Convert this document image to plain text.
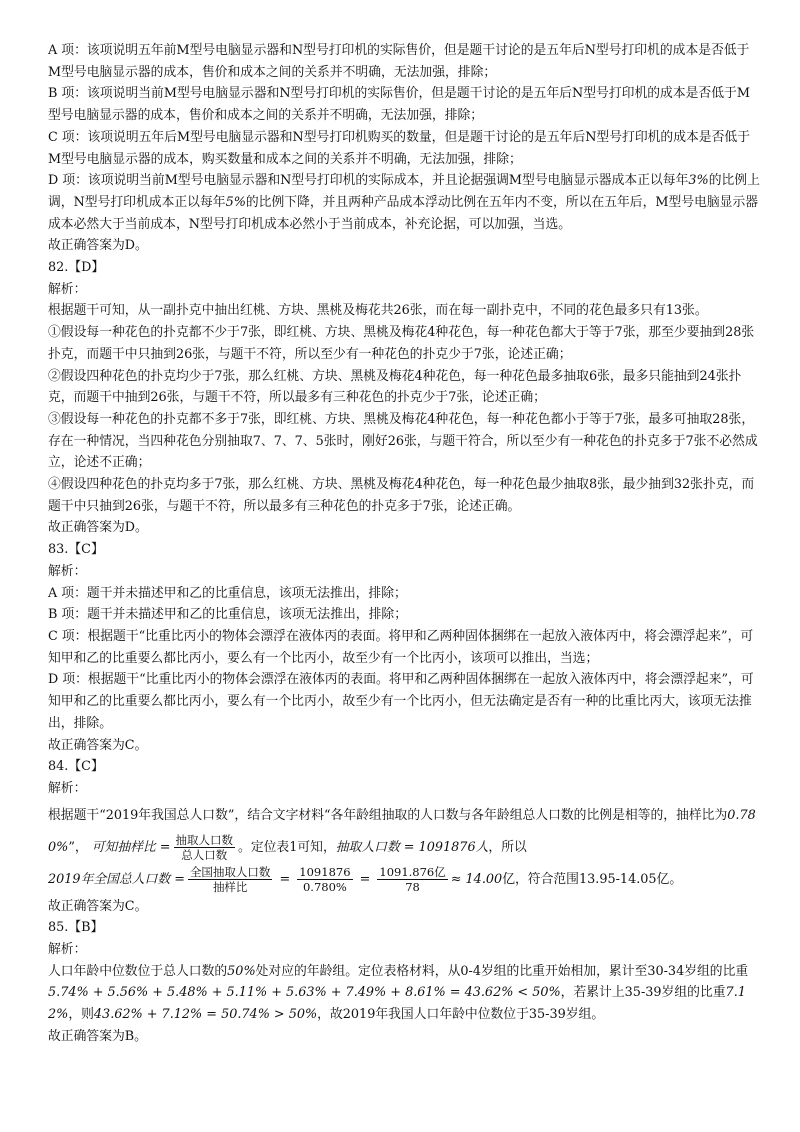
A 项：该项说明五年前M型号电脑显示器和N型号打印机的实际售价，但是题干讨论的是五年后N型号打印机的成本是否低于M型号电脑显示器的成本，售价和成本之间的关系并不明确，无法加强，排除；

B 项：该项说明当前M型号电脑显示器和N型号打印机的实际售价，但是题干讨论的是五年后N型号打印机的成本是否低于M型号电脑显示器的成本，售价和成本之间的关系并不明确，无法加强，排除；

C 项：该项说明五年后M型号电脑显示器和N型号打印机购买的数量，但是题干讨论的是五年后N型号打印机的成本是否低于M型号电脑显示器的成本，购买数量和成本之间的关系并不明确，无法加强，排除；

D 项：该项说明当前M型号电脑显示器和N型号打印机的实际成本，并且论据强调M型号电脑显示器成本正以每年3%的比例上调，N型号打印机成本正以每年5%的比例下降，并且两种产品成本浮动比例在五年内不变，所以在五年后，M型号电脑显示器成本必然大于当前成本，N型号打印机成本必然小于当前成本，补充论据，可以加强，当选。

故正确答案为D。

82.【D】

解析：

根据题干可知，从一副扑克中抽出红桃、方块、黑桃及梅花共26张，而在每一副扑克中，不同的花色最多只有13张。

①假设每一种花色的扑克都不少于7张，即红桃、方块、黑桃及梅花4种花色，每一种花色都大于等于7张，那至少要抽到28张扑克，而题干中只抽到26张，与题干不符，所以至少有一种花色的扑克少于7张，论述正确；

②假设四种花色的扑克均少于7张，那么红桃、方块、黑桃及梅花4种花色，每一种花色最多抽取6张，最多只能抽到24张扑克，而题干中抽到26张，与题干不符，所以最多有三种花色的扑克少于7张，论述正确；

③假设每一种花色的扑克都不多于7张，即红桃、方块、黑桃及梅花4种花色，每一种花色都小于等于7张，最多可抽取28张，存在一种情况，当四种花色分别抽取7、7、7、5张时，刚好26张，与题干符合，所以至少有一种花色的扑克多于7张不必然成立，论述不正确；

④假设四种花色的扑克均多于7张，那么红桃、方块、黑桃及梅花4种花色，每一种花色最少抽取8张，最少抽到32张扑克，而题干中只抽到26张，与题干不符，所以最多有三种花色的扑克多于7张，论述正确。

故正确答案为D。

83.【C】

解析：

A 项：题干并未描述甲和乙的比重信息，该项无法推出，排除；

B 项：题干并未描述甲和乙的比重信息，该项无法推出，排除；

C 项：根据题干“比重比丙小的物体会漂浮在液体丙的表面。将甲和乙两种固体捆绑在一起放入液体丙中，将会漂浮起来”，可知甲和乙的比重要么都比丙小，要么有一个比丙小，故至少有一个比丙小，该项可以推出，当选；

D 项：根据题干“比重比丙小的物体会漂浮在液体丙的表面。将甲和乙两种固体捆绑在一起放入液体丙中，将会漂浮起来”，可知甲和乙的比重要么都比丙小，要么有一个比丙小，故至少有一个比丙小，但无法确定是否有一种的比重比丙大，该项无法推出，排除。

故正确答案为C。

84.【C】

解析：

根据题干“2019年我国总人口数”，结合文字材料“各年龄组抽取的人口数与各年龄组总人口数的比例是相等的，抽样比为0.780%”， 可知抽样比 = $\frac{\text{抽取人口数}}{\text{总人口数}}$ 。定位表1可知，抽取人口数 = 1091876人，所以
2019年全国总人口数 = $\frac{\text{全国抽取人口数}}{\text{抽样比}} = \frac{1091876}{0.780\%} = \frac{\text{1091.876亿}}{78} \approx 14.00$亿，符合范围13.95-14.05亿。

故正确答案为C。

85.【B】

解析：

人口年龄中位数位于总人口数的50%处对应的年龄组。定位表格材料，从0-4岁组的比重开始相加，累计至30-34岁组的比重5.74% + 5.56% + 5.48% + 5.11% + 5.63% + 7.49% + 8.61% = 43.62% < 50%，若累计上35-39岁组的比重7.12%，则43.62% + 7.12% = 50.74% > 50%，故2019年我国人口年龄中位数位于35-39岁组。

故正确答案为B。
